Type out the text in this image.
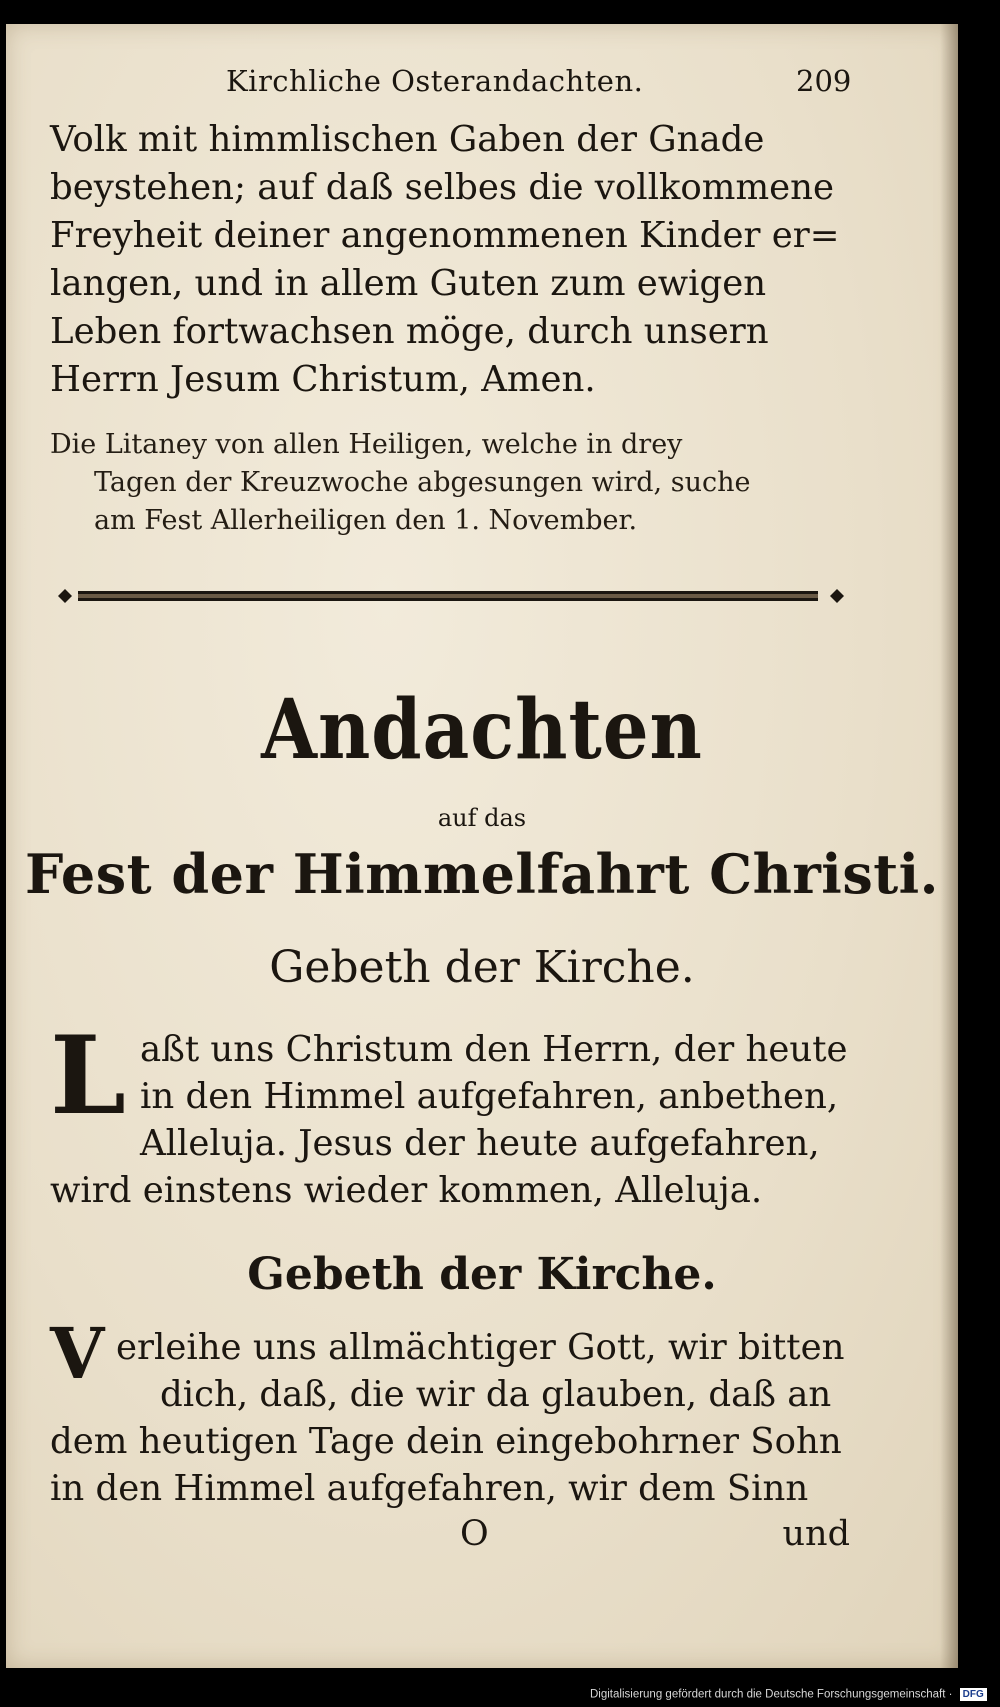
Kirchliche Osterandachten.	209
Volk mit himmlischen Gaben der Gnade
beystehen; auf daß selbes die vollkommene
Freyheit deiner angenommenen Kinder er=
langen, und in allem Guten zum ewigen
Leben fortwachsen möge, durch unsern
Herrn Jesum Christum, Amen.
Die Litaney von allen Heiligen, welche in drey
Tagen der Kreuzwoche abgesungen wird, suche
am Fest Allerheiligen den 1. November.
Andachten
auf das
Fest der Himmelfahrt Christi.
Gebeth der Kirche.
L aßt uns Christum den Herrn, der heute
in den Himmel aufgefahren, anbethen,
Alleluja. Jesus der heute aufgefahren,
wird einstens wieder kommen, Alleluja.
Gebeth der Kirche.
V erleihe uns allmächtiger Gott, wir bitten
dich, daß, die wir da glauben, daß an
dem heutigen Tage dein eingebohrner Sohn
in den Himmel aufgefahren, wir dem Sinn
O	und
Digitalisierung gefördert durch die Deutsche Forschungsgemeinschaft · DFG
